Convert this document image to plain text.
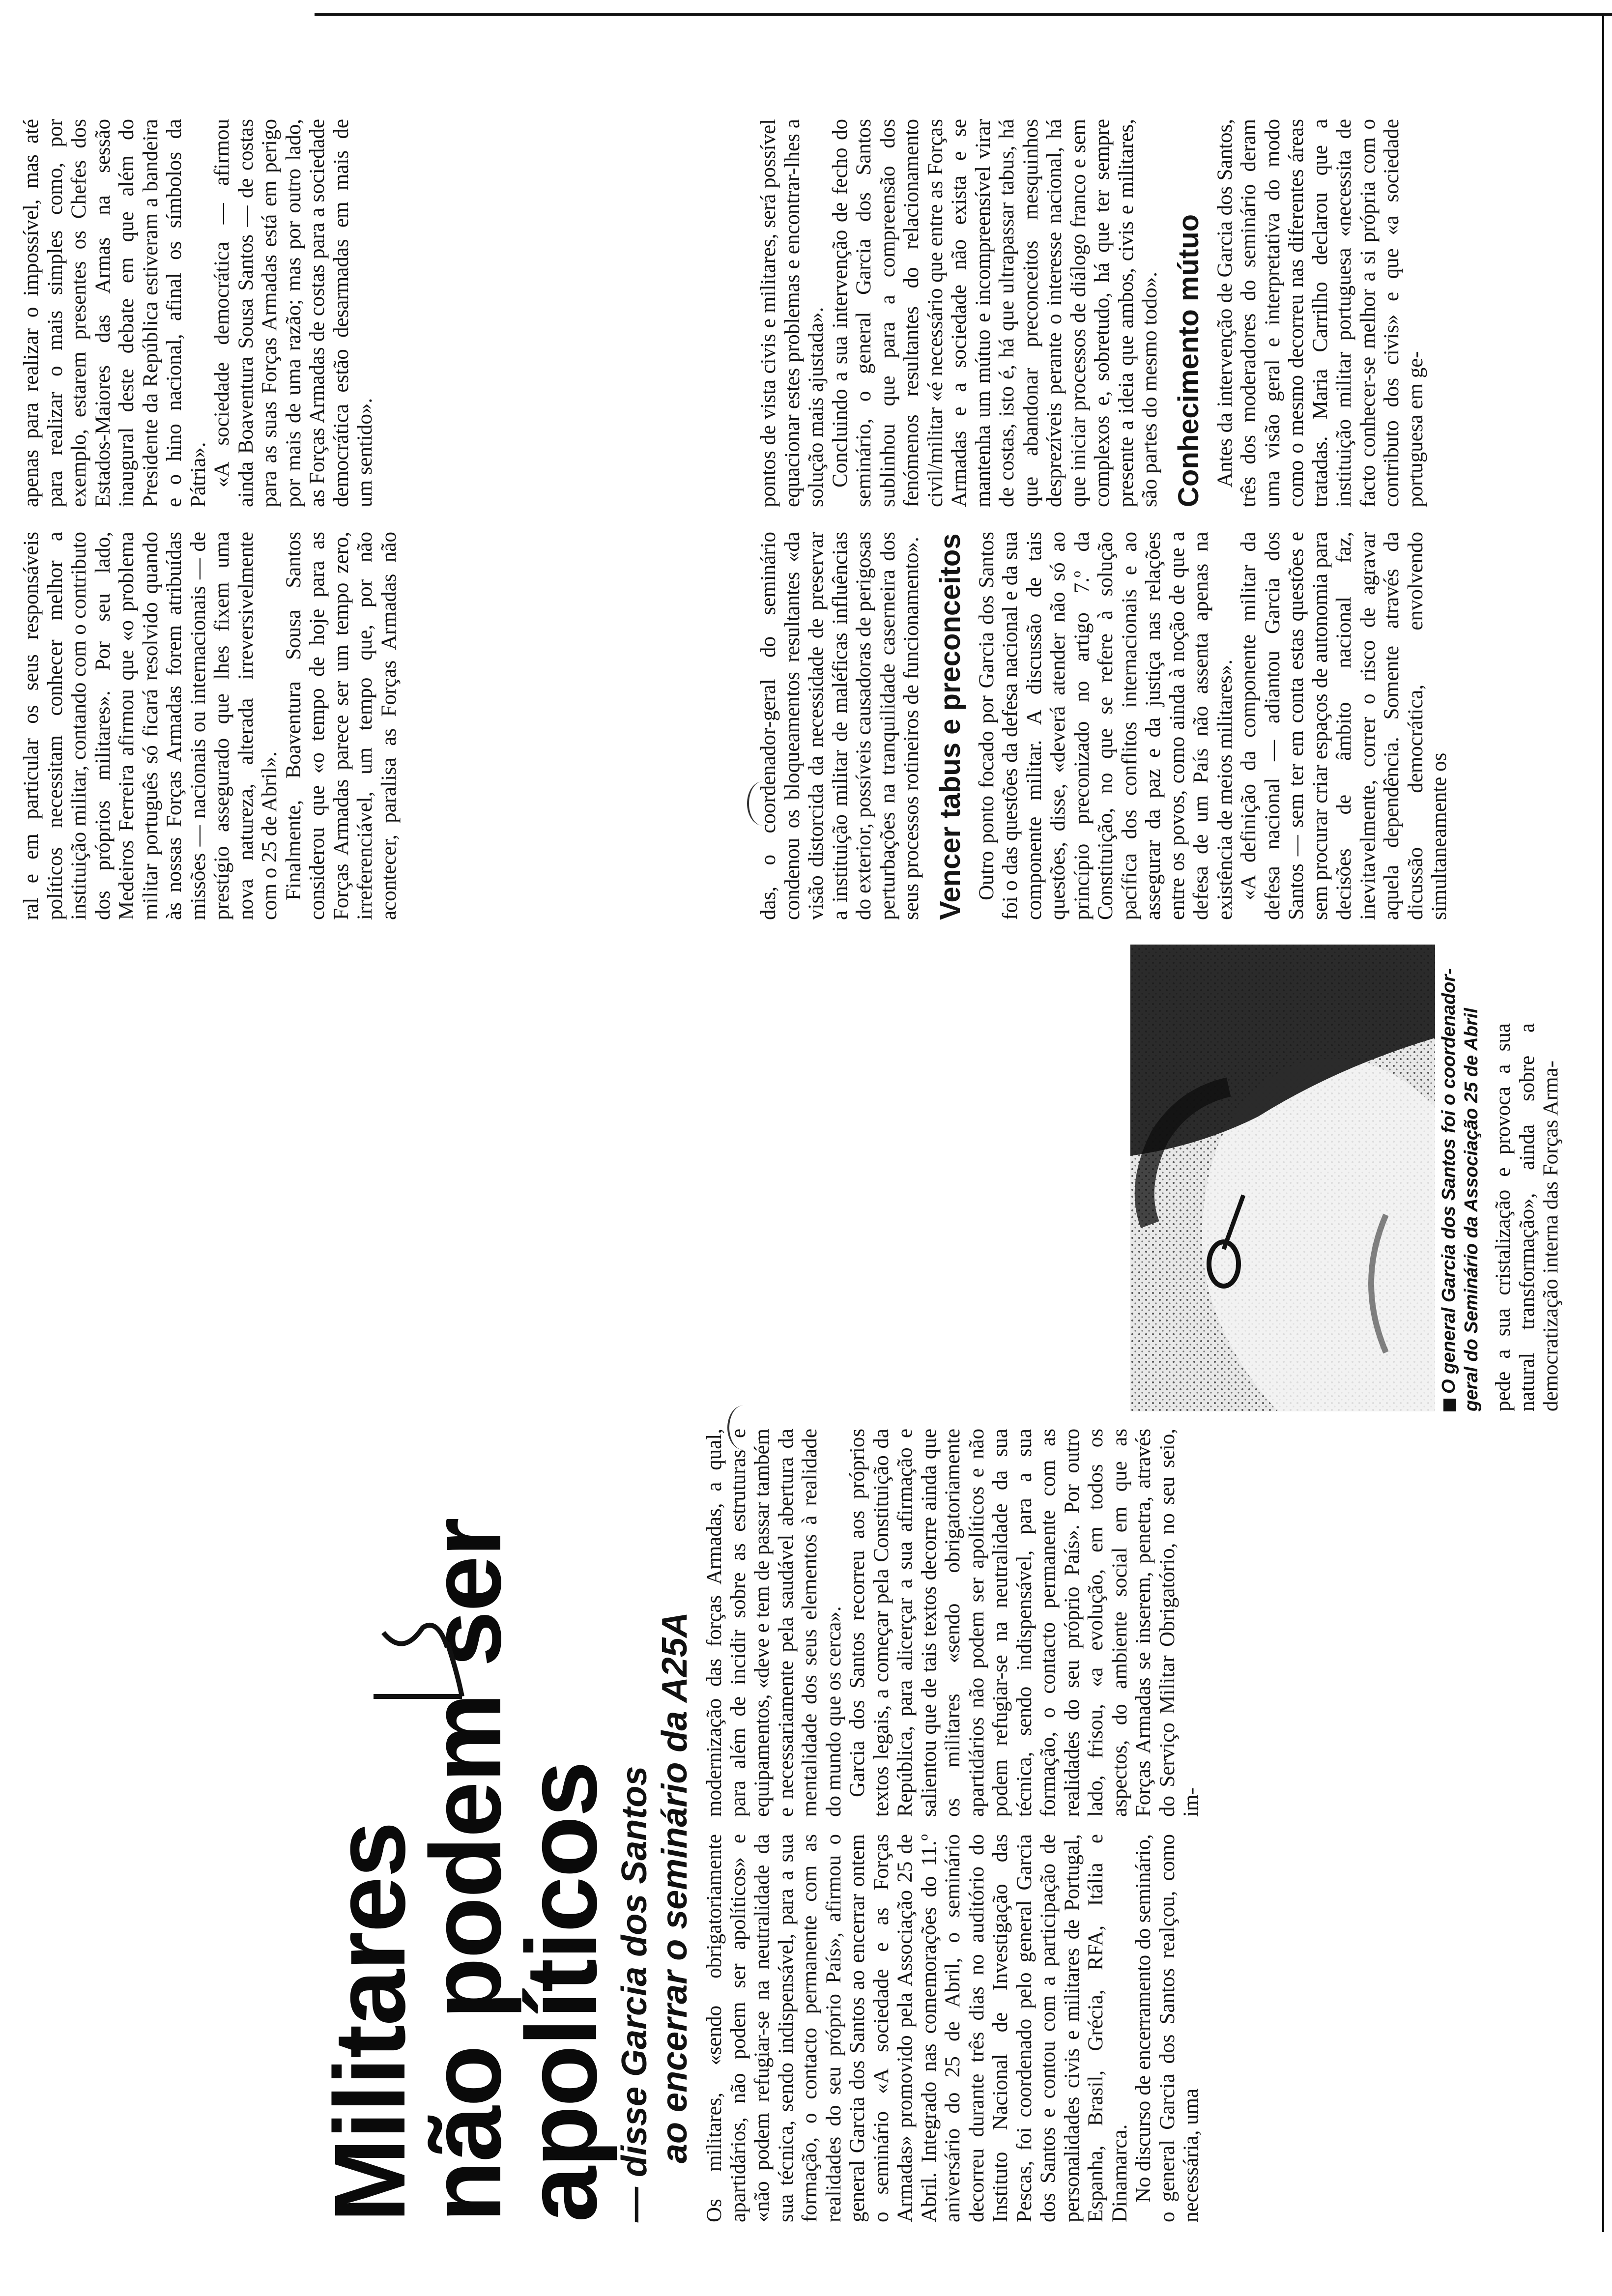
Militares
não podem ser
apolíticos
— disse Garcia dos Santos ao encerrar o seminário da A25A Os militares, «sendo obrigatoriamente apartidários, não podem ser apolíticos» e «não podem refugiar-se na neutralidade da sua técnica, sendo indispensável, para a sua formação, o contacto permanente com as realidades do seu próprio País», afirmou o general Garcia dos Santos ao encerrar ontem o seminário «A sociedade e as Forças Armadas» promovido pela Associação 25 de Abril. Integrado nas comemorações do 11.º aniversário do 25 de Abril, o seminário decorreu durante três dias no auditório do Instituto Nacional de Investigação das Pescas, foi coordenado pelo general Garcia dos Santos e contou com a participação de personalidades civis e militares de Portugal, Espanha, Brasil, Grécia, RFA, Itália e Dinamarca. No discurso de encerramento do seminário, o general Garcia dos Santos realçou, como necessária, uma

modernização das forças Armadas, a qual, para além de incidir sobre as estruturas e equipamentos, «deve e tem de passar também e necessariamente pela saudável abertura da mentalidade dos seus elementos à realidade do mundo que os cerca». Garcia dos Santos recorreu aos próprios textos legais, a começar pela Constituição da República, para alicerçar a sua afirmação e salientou que de tais textos decorre ainda que os militares «sendo obrigatoriamente apartidários não podem ser apolíticos e não podem refugiar-se na neutralidade da sua técnica, sendo indispensável, para a sua formação, o contacto permanente com as realidades do seu próprio País». Por outro lado, frisou, «a evolução, em todos os aspectos, do ambiente social em que as Forças Armadas se inserem, penetra, através do Serviço Militar Obrigatório, no seu seio, im-

O general Garcia dos Santos foi o coordenador-geral do Seminário da Associação 25 de Abril pede a sua cristalização e provoca a sua natural transformação», ainda sobre a democratização interna das Forças Arma-

das, o coordenador-geral do seminário condenou os bloqueamentos resultantes «da visão distorcida da necessidade de preservar a instituição militar de maléficas influências do exterior, possíveis causadoras de perigosas perturbações na tranquilidade caserneira dos seus processos rotineiros de funcionamento». Vencer tabus e preconceitos Outro ponto focado por Garcia dos Santos foi o das questões da defesa nacional e da sua componente militar. A discussão de tais questões, disse, «deverá atender não só ao princípio preconizado no artigo 7.º da Constituição, no que se refere à solução pacífica dos conflitos internacionais e ao assegurar da paz e da justiça nas relações entre os povos, como ainda à noção de que a defesa de um País não assenta apenas na existência de meios militares». «A definição da componente militar da defesa nacional — adiantou Garcia dos Santos — sem ter em conta estas questões e sem procurar criar espaços de autonomia para decisões de âmbito nacional faz, inevitavelmente, correr o risco de agravar aquela dependência. Somente através da dicussão democrática, envolvendo simultaneamente os

pontos de vista civis e militares, será possível equacionar estes problemas e encontrar-lhes a solução mais ajustada». Concluindo a sua intervenção de fecho do seminário, o general Garcia dos Santos sublinhou que para a compreensão dos fenómenos resultantes do relacionamento civil/militar «é necessário que entre as Forças Armadas e a sociedade não exista e se mantenha um mútuo e incompreensível virar de costas, isto é, há que ultrapassar tabus, há que abandonar preconceitos mesquinhos desprezíveis perante o interesse nacional, há que iniciar processos de diálogo franco e sem complexos e, sobretudo, há que ter sempre presente a ideia que ambos, civis e militares, são partes do mesmo todo». Conhecimento mútuo Antes da intervenção de Garcia dos Santos, três dos moderadores do seminário deram uma visão geral e interpretativa do modo como o mesmo decorreu nas diferentes áreas tratadas. Maria Carrilho declarou que a instituição militar portuguesa «necessita de facto conhecer-se melhor a si própria com o contributo dos civis» e que «a sociedade portuguesa em ge-

ral e em particular os seus responsáveis políticos necessitam conhecer melhor a instituição militar, contando com o contributo dos próprios militares». Por seu lado, Medeiros Ferreira afirmou que «o problema militar português só ficará resolvido quando às nossas Forças Armadas forem atribuídas missões — nacionais ou internacionais — de prestígio assegurado que lhes fixem uma nova natureza, alterada irreversivelmente com o 25 de Abril». Finalmente, Boaventura Sousa Santos considerou que «o tempo de hoje para as Forças Armadas parece ser um tempo zero, irreferenciável, um tempo que, por não acontecer, paralisa as Forças Armadas não apenas para realizar o impossível, mas até para realizar o mais simples como, por exemplo, estarem presentes os Chefes dos Estados-Maiores das Armas na sessão inaugural deste debate em que além do Presidente da República estiveram a bandeira e o hino nacional, afinal os símbolos da Pátria». «A sociedade democrática — afirmou ainda Boaventura Sousa Santos — de costas para as suas Forças Armadas está em perigo por mais de uma razão; mas por outro lado, as Forças Armadas de costas para a sociedade democrática estão desarmadas em mais de um sentido».
